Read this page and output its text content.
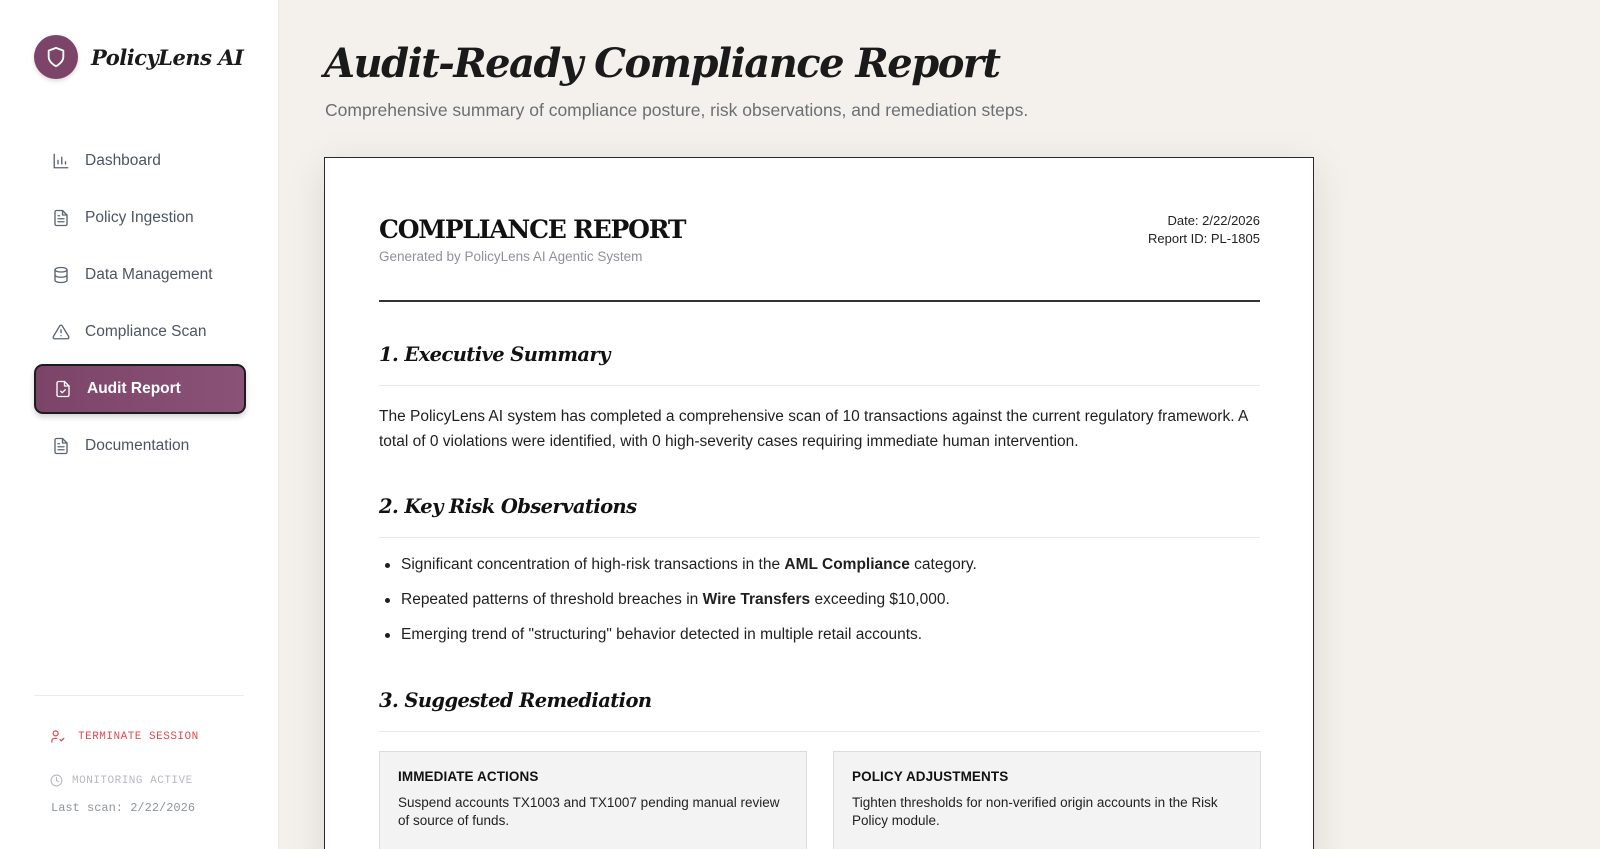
PolicyLens AI
Dashboard
Policy Ingestion
Data Management
Compliance Scan
Audit Report
Documentation
TERMINATE SESSION
MONITORING ACTIVE
Last scan: 2/22/2026
Audit-Ready Compliance Report

Comprehensive summary of compliance posture, risk observations, and remediation steps.

COMPLIANCE REPORT
Generated by PolicyLens AI Agentic System
Date: 2/22/2026
Report ID: PL-1805
1. Executive Summary

The PolicyLens AI system has completed a comprehensive scan of 10 transactions against the current regulatory framework. A total of 0 violations were identified, with 0 high-severity cases requiring immediate human intervention.

2. Key Risk Observations
Significant concentration of high-risk transactions in the AML Compliance category.
Repeated patterns of threshold breaches in Wire Transfers exceeding $10,000.
Emerging trend of "structuring" behavior detected in multiple retail accounts.
3. Suggested Remediation
IMMEDIATE ACTIONS

Suspend accounts TX1003 and TX1007 pending manual review of source of funds.

POLICY ADJUSTMENTS

Tighten thresholds for non-verified origin accounts in the Risk Policy module.
